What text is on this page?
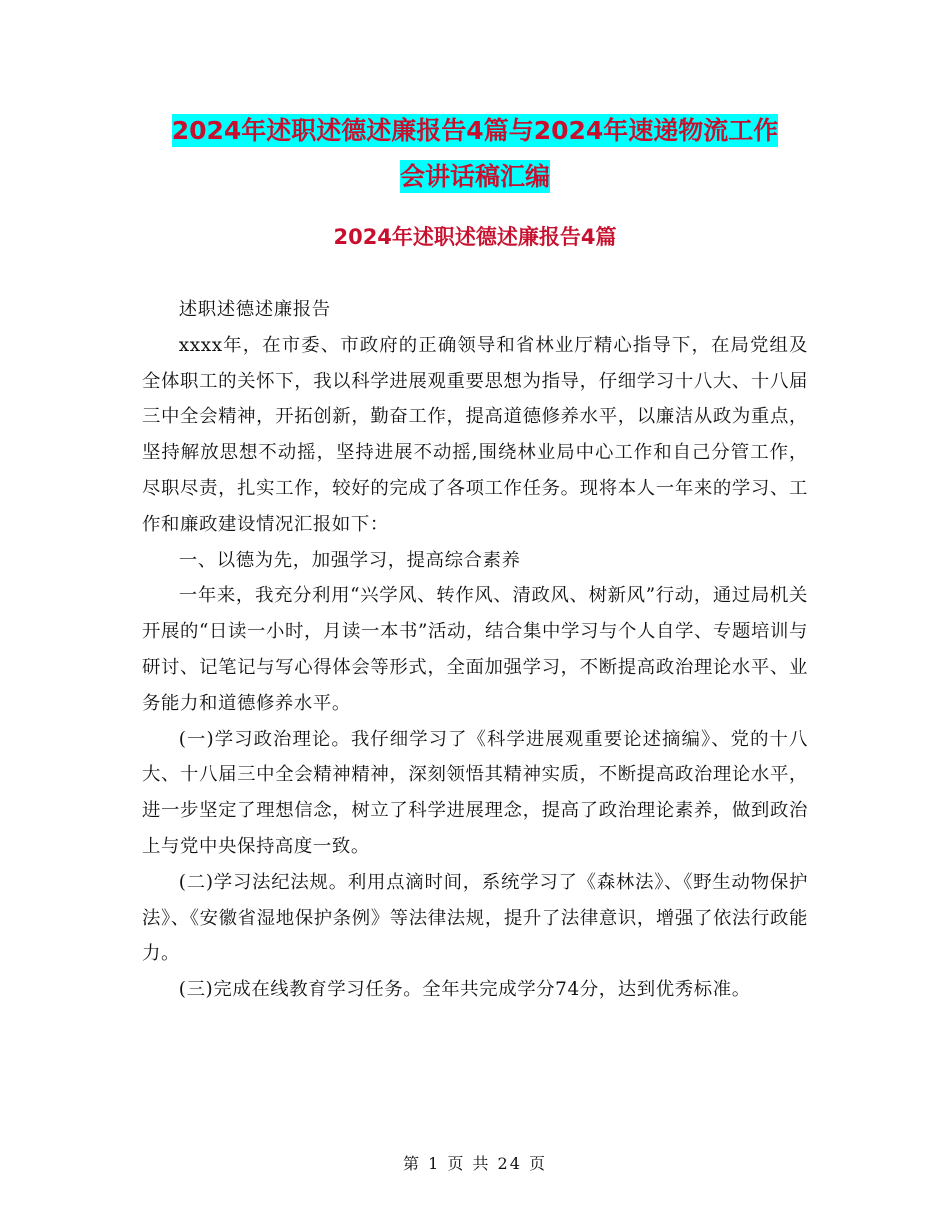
2024年述职述德述廉报告4篇与2024年速递物流工作
会讲话稿汇编
2024年述职述德述廉报告4篇

述职述德述廉报告

xxxx年，在市委、市政府的正确领导和省林业厅精心指导下，在局党组及全体职工的关怀下，我以科学进展观重要思想为指导，仔细学习十八大、十八届三中全会精神，开拓创新，勤奋工作，提高道德修养水平，以廉洁从政为重点，坚持解放思想不动摇，坚持进展不动摇,围绕林业局中心工作和自己分管工作，尽职尽责，扎实工作，较好的完成了各项工作任务。现将本人一年来的学习、工作和廉政建设情况汇报如下：

一、以德为先，加强学习，提高综合素养

一年来，我充分利用“兴学风、转作风、清政风、树新风”行动，通过局机关开展的“日读一小时，月读一本书”活动，结合集中学习与个人自学、专题培训与研讨、记笔记与写心得体会等形式，全面加强学习，不断提高政治理论水平、业务能力和道德修养水平。

(一)学习政治理论。我仔细学习了《科学进展观重要论述摘编》、党的十八大、十八届三中全会精神精神，深刻领悟其精神实质，不断提高政治理论水平，进一步坚定了理想信念，树立了科学进展理念，提高了政治理论素养，做到政治上与党中央保持高度一致。

(二)学习法纪法规。利用点滴时间，系统学习了《森林法》、《野生动物保护法》、《安徽省湿地保护条例》等法律法规，提升了法律意识，增强了依法行政能力。

(三)完成在线教育学习任务。全年共完成学分74分，达到优秀标准。

第 1 页 共 24 页
